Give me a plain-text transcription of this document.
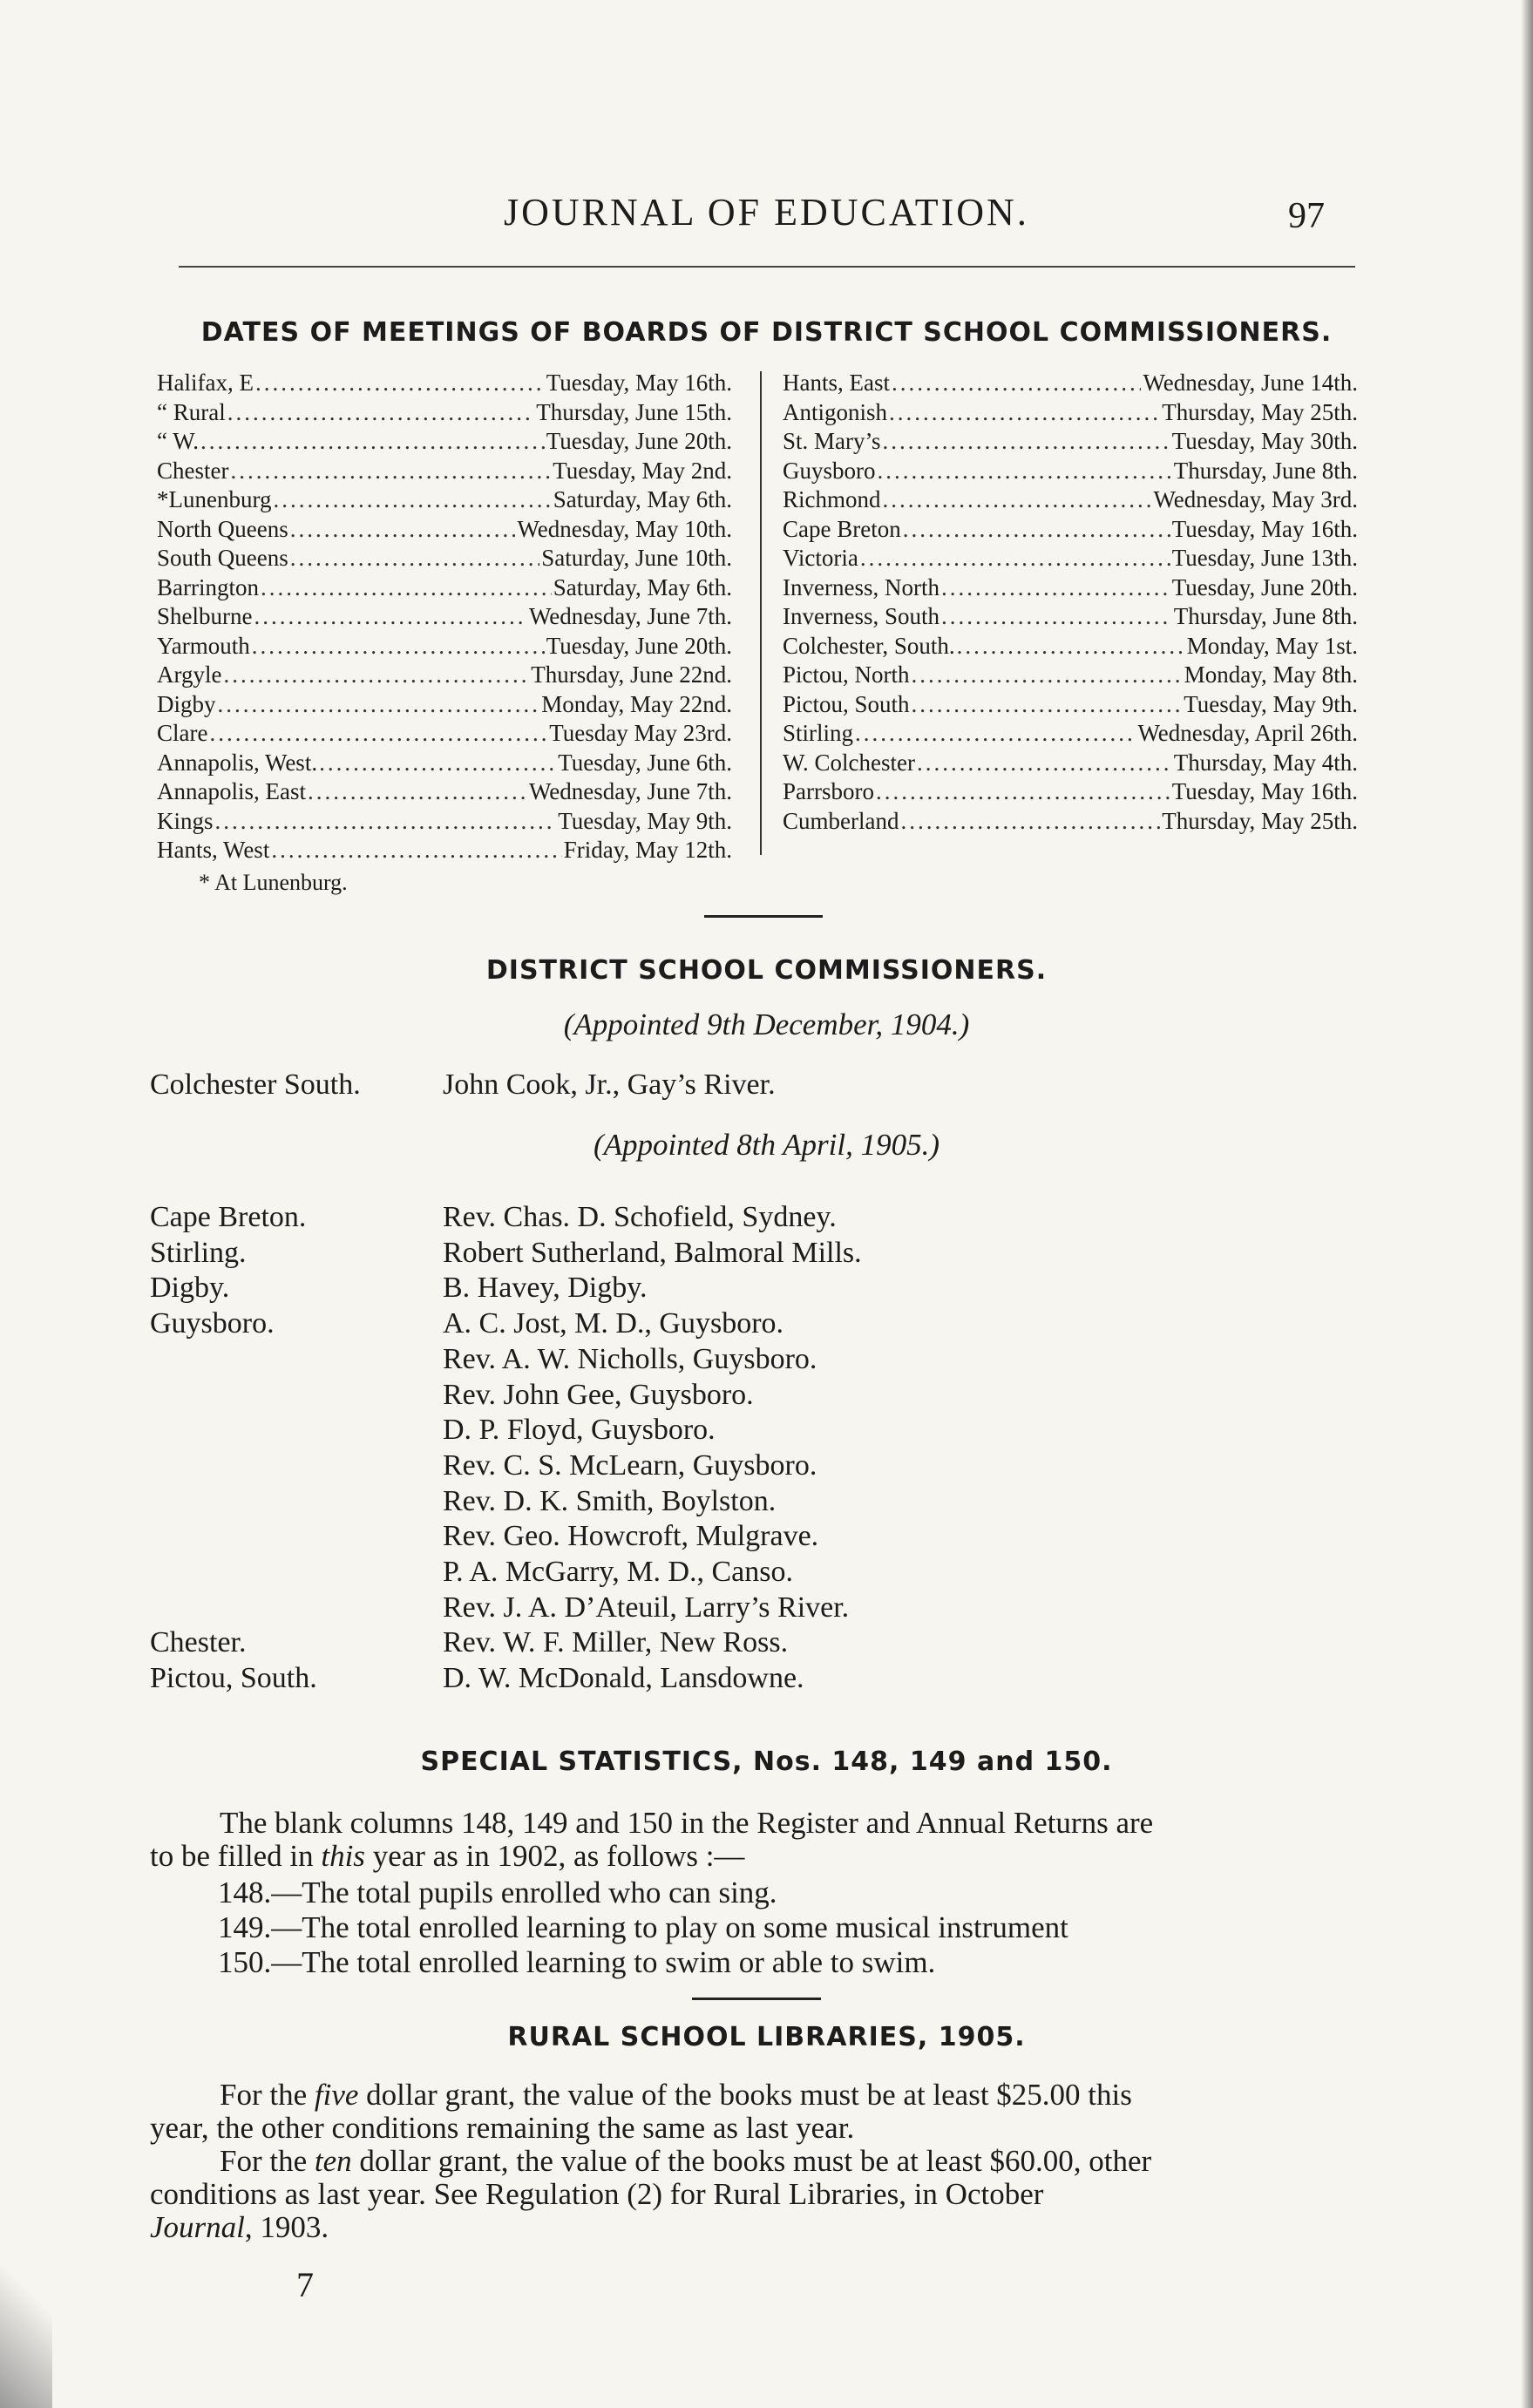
JOURNAL OF EDUCATION.	97
DATES OF MEETINGS OF BOARDS OF DISTRICT SCHOOL COMMISSIONERS.
Halifax, E .....	Tuesday, May 16th.
“ Rural .....	Thursday, June 15th.
“ W. .....	Tuesday, June 20th.
Chester .....	Tuesday, May 2nd.
*Lunenburg .....	Saturday, May 6th.
North Queens .....	Wednesday, May 10th.
South Queens .....	Saturday, June 10th.
Barrington .....	Saturday, May 6th.
Shelburne .....	Wednesday, June 7th.
Yarmouth .....	Tuesday, June 20th.
Argyle .....	Thursday, June 22nd.
Digby .....	Monday, May 22nd.
Clare .....	Tuesday May 23rd.
Annapolis, West. .....	Tuesday, June 6th.
Annapolis, East .....	Wednesday, June 7th.
Kings .....	Tuesday, May 9th.
Hants, West .....	Friday, May 12th.
Hants, East .....	Wednesday, June 14th.
Antigonish .....	Thursday, May 25th.
St. Mary’s .....	Tuesday, May 30th.
Guysboro .....	Thursday, June 8th.
Richmond .....	Wednesday, May 3rd.
Cape Breton .....	Tuesday, May 16th.
Victoria .....	Tuesday, June 13th.
Inverness, North .....	Tuesday, June 20th.
Inverness, South .....	Thursday, June 8th.
Colchester, South. .....	Monday, May 1st.
Pictou, North .....	Monday, May 8th.
Pictou, South .....	Tuesday, May 9th.
Stirling .....	Wednesday, April 26th.
W. Colchester .....	Thursday, May 4th.
Parrsboro .....	Tuesday, May 16th.
Cumberland .....	Thursday, May 25th.
* At Lunenburg.
DISTRICT SCHOOL COMMISSIONERS.
(Appointed 9th December, 1904.)
Colchester South.	John Cook, Jr., Gay’s River.
(Appointed 8th April, 1905.)
Cape Breton.	Rev. Chas. D. Schofield, Sydney.
Stirling.	Robert Sutherland, Balmoral Mills.
Digby.	B. Havey, Digby.
Guysboro.	A. C. Jost, M. D., Guysboro.
Rev. A. W. Nicholls, Guysboro.
Rev. John Gee, Guysboro.
D. P. Floyd, Guysboro.
Rev. C. S. McLearn, Guysboro.
Rev. D. K. Smith, Boylston.
Rev. Geo. Howcroft, Mulgrave.
P. A. McGarry, M. D., Canso.
Rev. J. A. D’Ateuil, Larry’s River.
Chester.	Rev. W. F. Miller, New Ross.
Pictou, South.	D. W. McDonald, Lansdowne.
SPECIAL STATISTICS, Nos. 148, 149 and 150.
The blank columns 148, 149 and 150 in the Register and Annual Returns are
to be filled in this year as in 1902, as follows :—
148.—The total pupils enrolled who can sing.
149.—The total enrolled learning to play on some musical instrument
150.—The total enrolled learning to swim or able to swim.
RURAL SCHOOL LIBRARIES, 1905.
For the five dollar grant, the value of the books must be at least $25.00 this
year, the other conditions remaining the same as last year.
For the ten dollar grant, the value of the books must be at least $60.00, other
conditions as last year. See Regulation (2) for Rural Libraries, in October
Journal, 1903.
7
